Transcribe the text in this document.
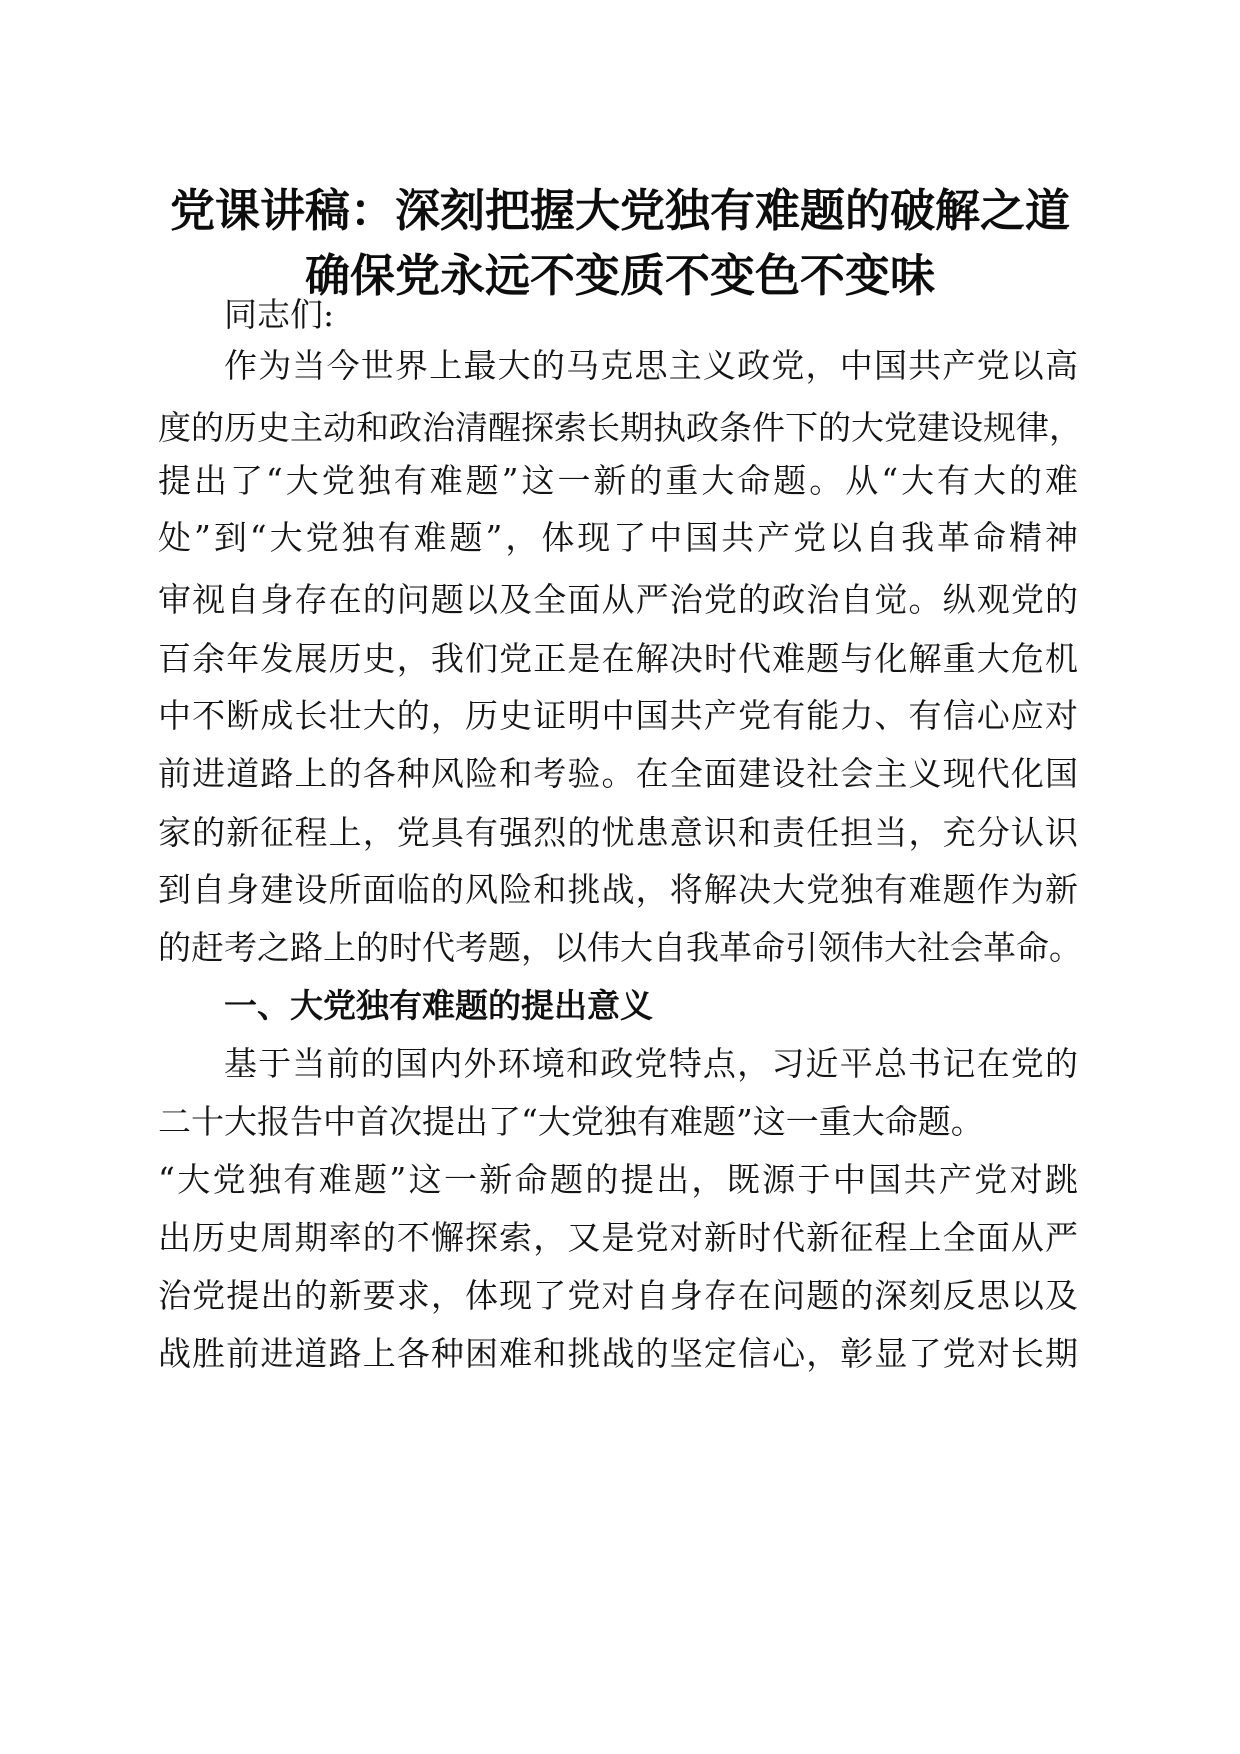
党课讲稿：深刻把握大党独有难题的破解之道
确保党永远不变质不变色不变味
同志们:
作为当今世界上最大的马克思主义政党，中国共产党以高
度的历史主动和政治清醒探索长期执政条件下的大党建设规律，
提出了“大党独有难题”这一新的重大命题。从“大有大的难
处”到“大党独有难题”，体现了中国共产党以自我革命精神
审视自身存在的问题以及全面从严治党的政治自觉。纵观党的
百余年发展历史，我们党正是在解决时代难题与化解重大危机
中不断成长壮大的，历史证明中国共产党有能力、有信心应对
前进道路上的各种风险和考验。在全面建设社会主义现代化国
家的新征程上，党具有强烈的忧患意识和责任担当，充分认识
到自身建设所面临的风险和挑战，将解决大党独有难题作为新
的赶考之路上的时代考题，以伟大自我革命引领伟大社会革命。
一、大党独有难题的提出意义
基于当前的国内外环境和政党特点，习近平总书记在党的
二十大报告中首次提出了“大党独有难题”这一重大命题。
“大党独有难题”这一新命题的提出，既源于中国共产党对跳
出历史周期率的不懈探索，又是党对新时代新征程上全面从严
治党提出的新要求，体现了党对自身存在问题的深刻反思以及
战胜前进道路上各种困难和挑战的坚定信心，彰显了党对长期
